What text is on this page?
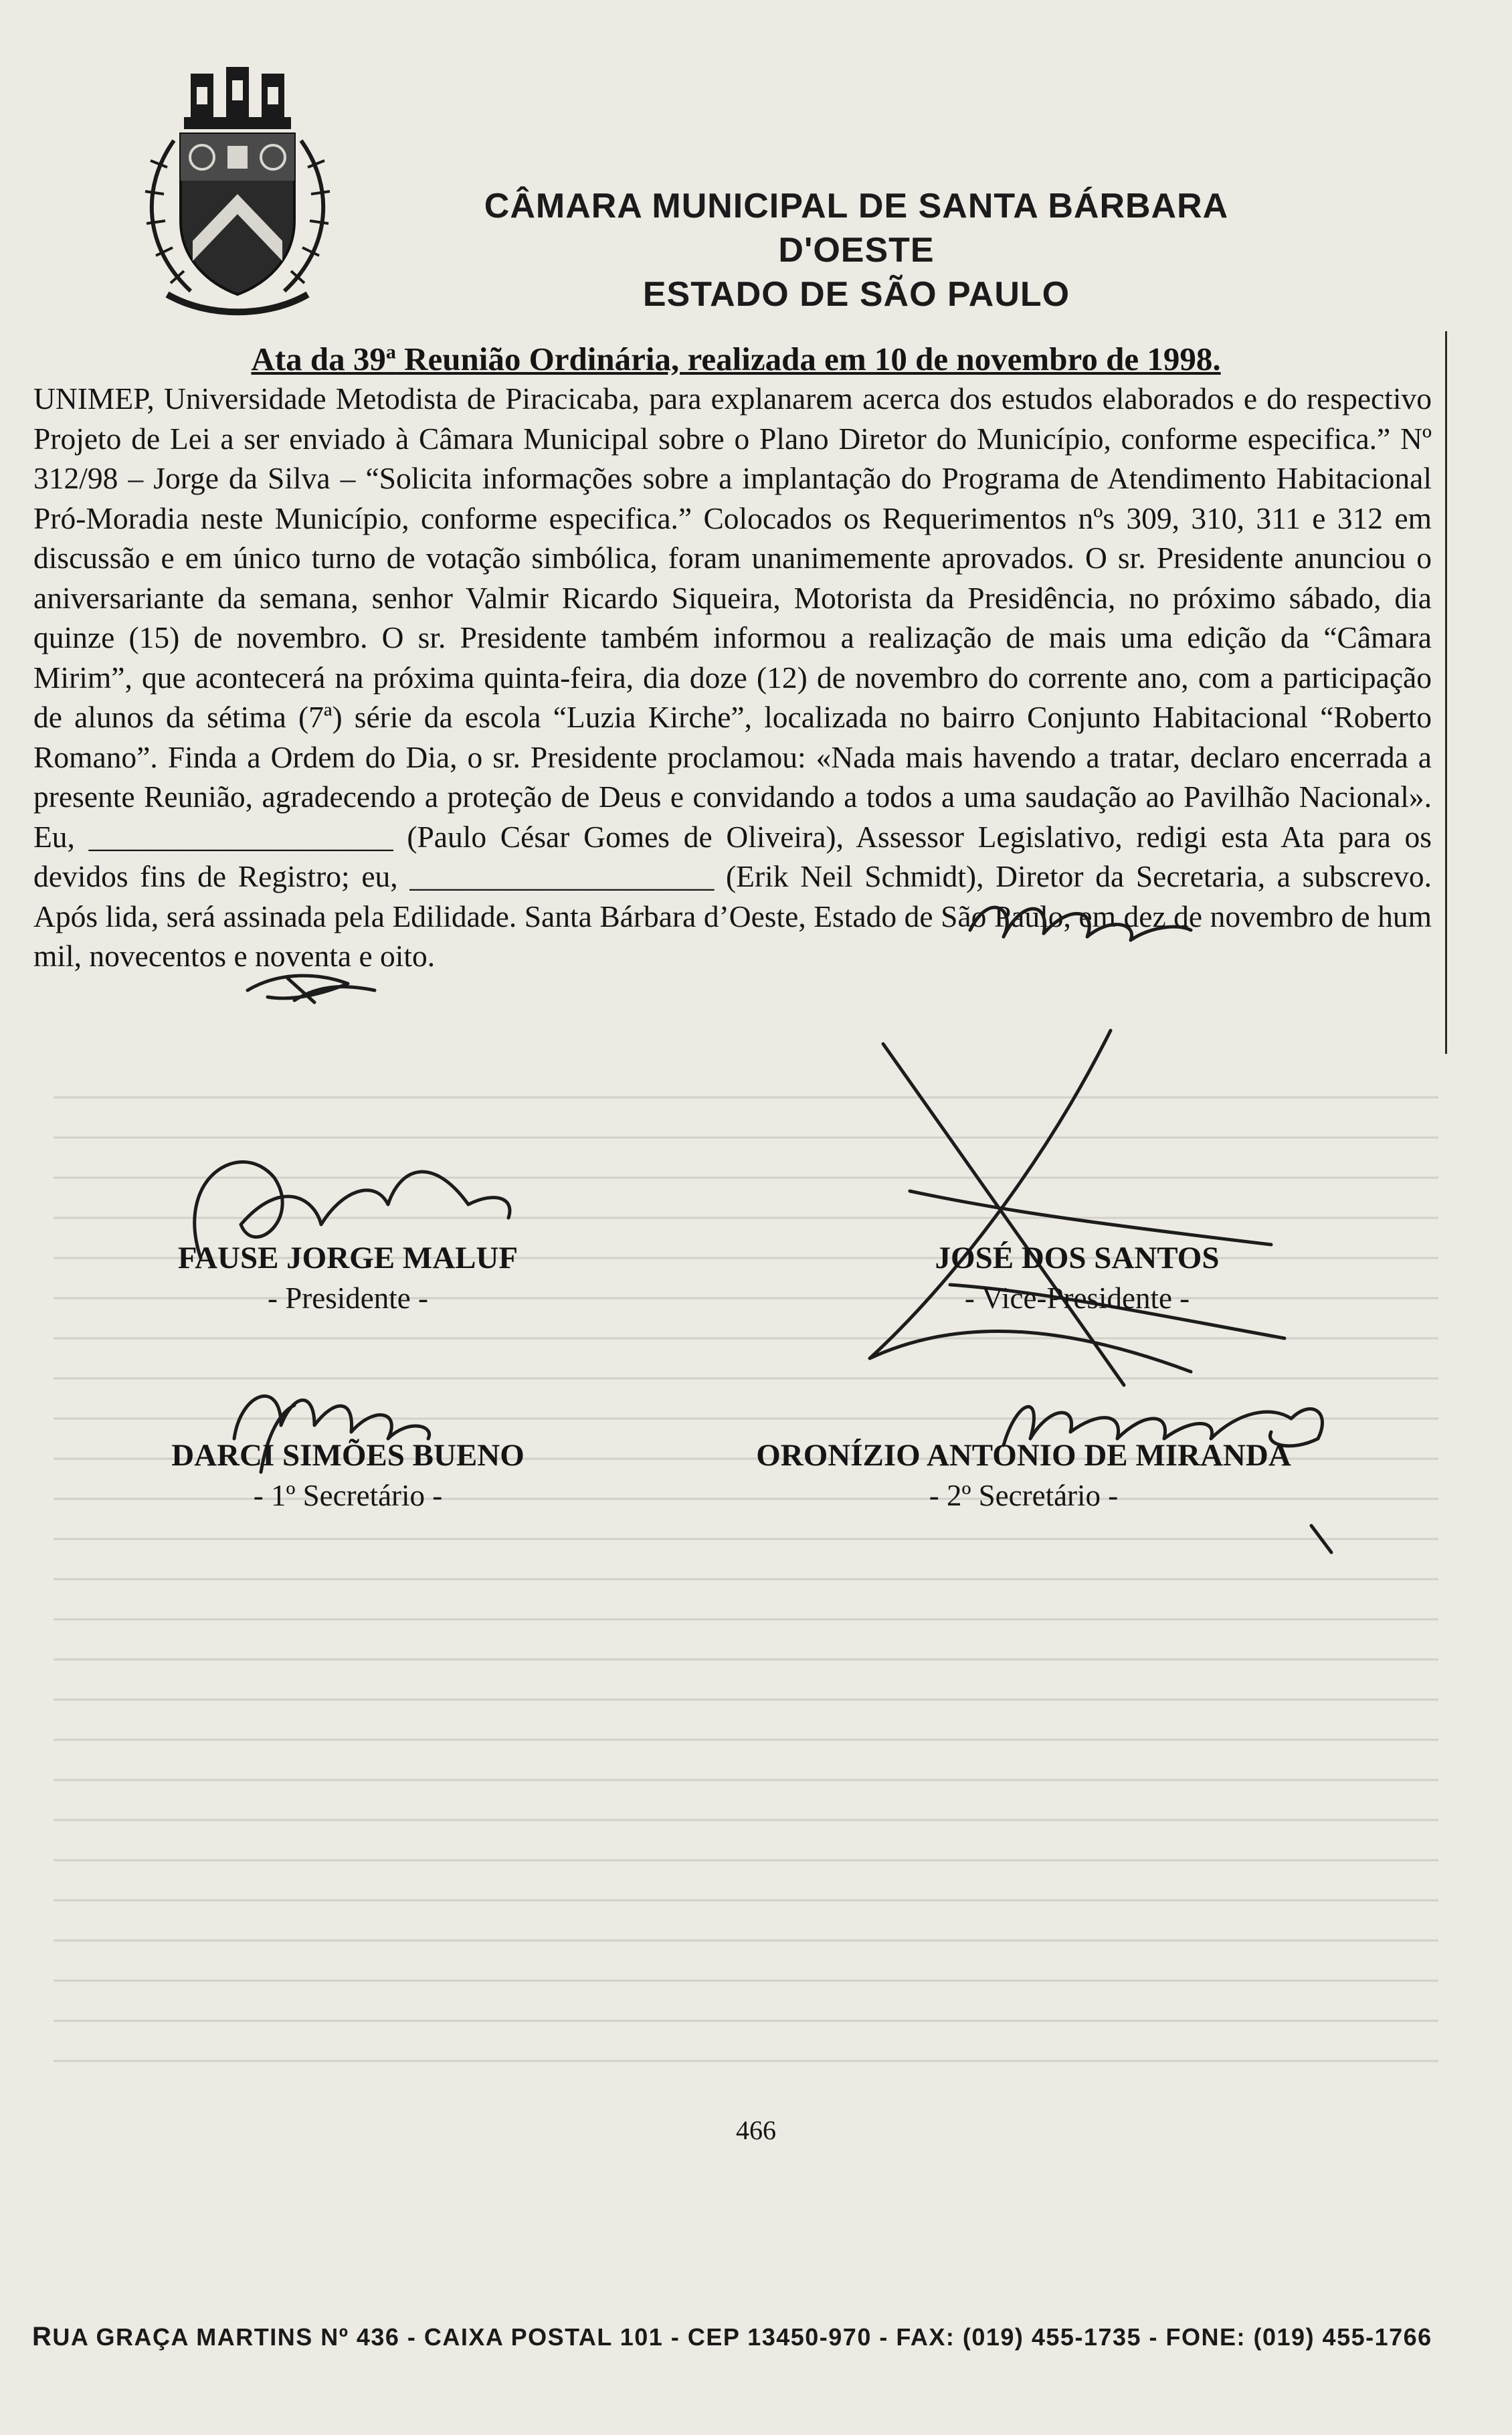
CÂMARA MUNICIPAL DE SANTA BÁRBARA D'OESTE
ESTADO DE SÃO PAULO
Ata da 39$^a$ Reunião Ordinária, realizada em 10 de novembro de 1998.

UNIMEP, Universidade Metodista de Piracicaba, para explanarem acerca dos estudos elaborados e do respectivo Projeto de Lei a ser enviado à Câmara Municipal sobre o Plano Diretor do Município, conforme especifica.” Nº 312/98 – Jorge da Silva – “Solicita informações sobre a implantação do Programa de Atendimento Habitacional Pró-Moradia neste Município, conforme especifica.” Colocados os Requerimentos nºs 309, 310, 311 e 312 em discussão e em único turno de votação simbólica, foram unanimemente aprovados. O sr. Presidente anunciou o aniversariante da semana, senhor Valmir Ricardo Siqueira, Motorista da Presidência, no próximo sábado, dia quinze (15) de novembro. O sr. Presidente também informou a realização de mais uma edição da “Câmara Mirim”, que acontecerá na próxima quinta-feira, dia doze (12) de novembro do corrente ano, com a participação de alunos da sétima (7ª) série da escola “Luzia Kirche”, localizada no bairro Conjunto Habitacional “Roberto Romano”. Finda a Ordem do Dia, o sr. Presidente proclamou: «Nada mais havendo a tratar, declaro encerrada a presente Reunião, agradecendo a proteção de Deus e convidando a todos a uma saudação ao Pavilhão Nacional». Eu, ____________________ (Paulo César Gomes de Oliveira), Assessor Legislativo, redigi esta Ata para os devidos fins de Registro; eu, ____________________ (Erik Neil Schmidt), Diretor da Secretaria, a subscrevo. Após lida, será assinada pela Edilidade. Santa Bárbara d’Oeste, Estado de São Paulo, em dez de novembro de hum mil, novecentos e noventa e oito.

FAUSE JORGE MALUF
- Presidente -
JOSÉ DOS SANTOS
- Vice-Presidente -
DARCI SIMÕES BUENO
- 1º Secretário -
ORONÍZIO ANTONIO DE MIRANDA
- 2º Secretário -
466
RUA GRAÇA MARTINS Nº 436 - CAIXA POSTAL 101 - CEP 13450-970 - FAX: (019) 455-1735 - FONE: (019) 455-1766
